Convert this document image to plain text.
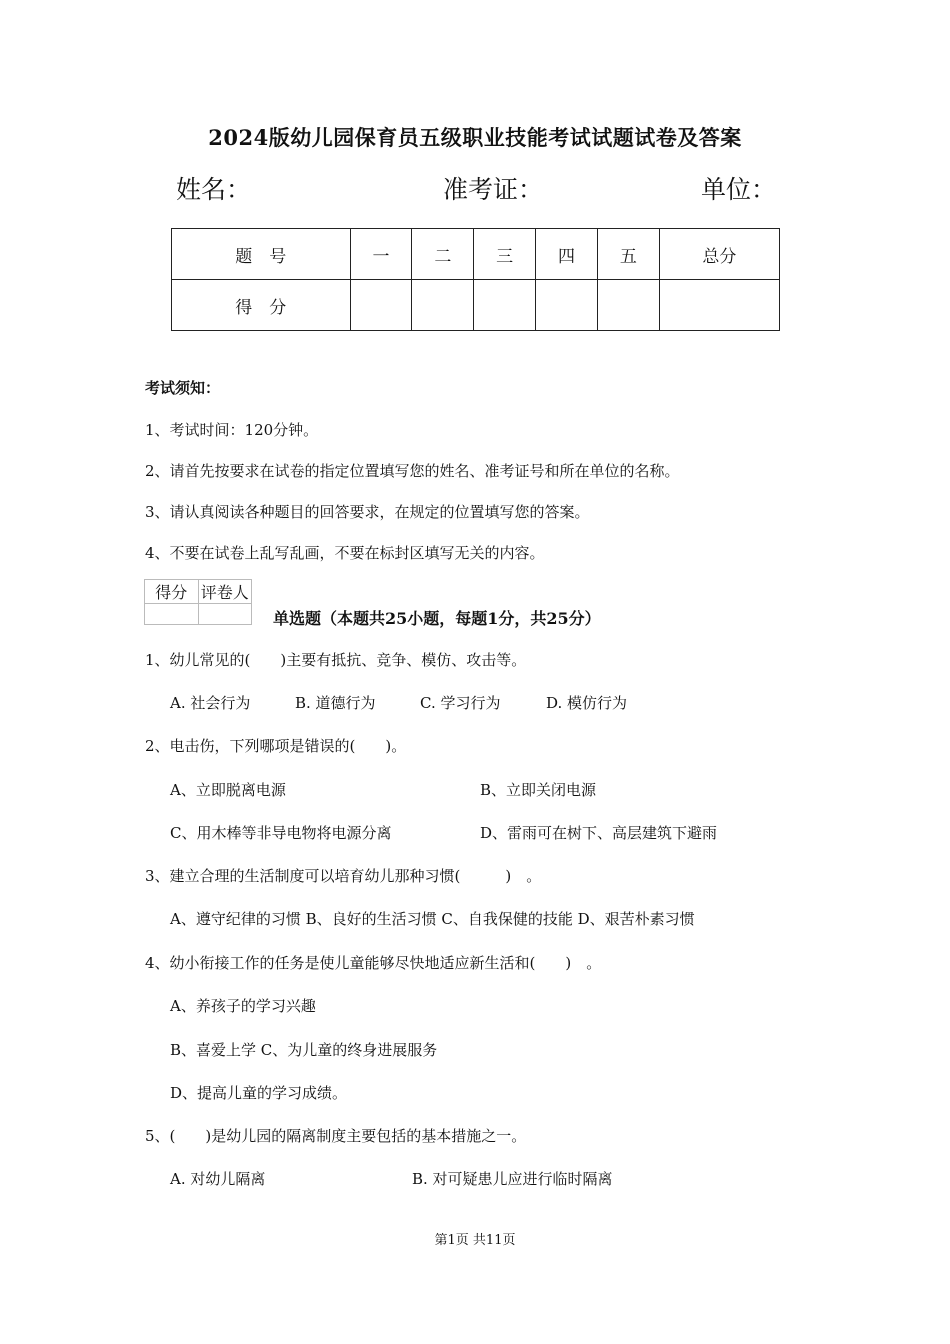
2024版幼儿园保育员五级职业技能考试试题试卷及答案
姓名：	准考证：	单位：
题　号	一	二	三	四	五	总分
得　分						
考试须知：
1、考试时间：120分钟。
2、请首先按要求在试卷的指定位置填写您的姓名、准考证号和所在单位的名称。
3、请认真阅读各种题目的回答要求，在规定的位置填写您的答案。
4、不要在试卷上乱写乱画，不要在标封区填写无关的内容。
得分	评卷人

单选题（本题共25小题，每题1分，共25分）
1、幼儿常见的(　　)主要有抵抗、竞争、模仿、攻击等。
A. 社会行为	B. 道德行为	C. 学习行为	D. 模仿行为
2、电击伤，下列哪项是错误的(　　)。
A、立即脱离电源	B、立即关闭电源
C、用木棒等非导电物将电源分离	D、雷雨可在树下、高层建筑下避雨
3、建立合理的生活制度可以培育幼儿那种习惯(　　　)　。
A、遵守纪律的习惯 B、良好的生活习惯 C、自我保健的技能 D、艰苦朴素习惯
4、幼小衔接工作的任务是使儿童能够尽快地适应新生活和(　　)　。
A、养孩子的学习兴趣
B、喜爱上学 C、为儿童的终身进展服务
D、提高儿童的学习成绩。
5、(　　)是幼儿园的隔离制度主要包括的基本措施之一。
A. 对幼儿隔离	B. 对可疑患儿应进行临时隔离
第1页 共11页
